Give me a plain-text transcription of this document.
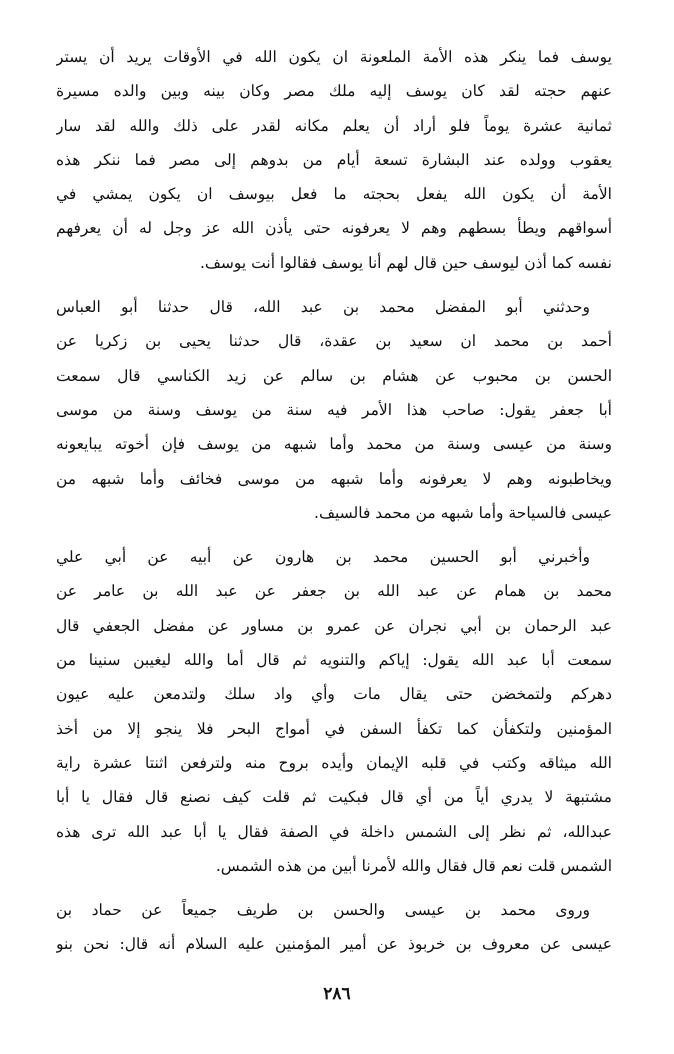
يوسف فما ينكر هذه الأمة الملعونة ان يكون الله في الأوقات يريد أن يستر
عنهم حجته لقد كان يوسف إليه ملك مصر وكان بينه وبين والده مسيرة
ثمانية عشرة يوماً فلو أراد أن يعلم مكانه لقدر على ذلك والله لقد سار
يعقوب وولده عند البشارة تسعة أيام من بدوهم إلى مصر فما ننكر هذه
الأمة أن يكون الله يفعل بحجته ما فعل بيوسف ان يكون يمشي في
أسواقهم ويطأ بسطهم وهم لا يعرفونه حتى يأذن الله عز وجل له أن يعرفهم
نفسه كما أذن ليوسف حين قال لهم أنا يوسف فقالوا أنت يوسف.
وحدثني أبو المفضل محمد بن عبد الله، قال حدثنا أبو العباس
أحمد بن محمد ان سعيد بن عقدة، قال حدثنا يحيى بن زكريا عن
الحسن بن محبوب عن هشام بن سالم عن زيد الكناسي قال سمعت
أبا جعفر يقول: صاحب هذا الأمر فيه سنة من يوسف وسنة من موسى
وسنة من عيسى وسنة من محمد وأما شبهه من يوسف فإن أخوته يبايعونه
ويخاطبونه وهم لا يعرفونه وأما شبهه من موسى فخائف وأما شبهه من
عيسى فالسياحة وأما شبهه من محمد فالسيف.
وأخبرني أبو الحسين محمد بن هارون عن أبيه عن أبي علي
محمد بن همام عن عبد الله بن جعفر عن عبد الله بن عامر عن
عبد الرحمان بن أبي نجران عن عمرو بن مساور عن مفضل الجعفي قال
سمعت أبا عبد الله يقول: إياكم والتنويه ثم قال أما والله ليغيبن سنينا من
دهركم ولتمخضن حتى يقال مات وأي واد سلك ولتدمعن عليه عيون
المؤمنين ولتكفأن كما تكفأ السفن في أمواج البحر فلا ينجو إلا من أخذ
الله ميثاقه وكتب في قلبه الإيمان وأيده بروح منه ولترفعن اثنتا عشرة راية
مشتبهة لا يدري أياً من أي قال فبكيت ثم قلت كيف نصنع قال فقال يا أبا
عبدالله، ثم نظر إلى الشمس داخلة في الصفة فقال يا أبا عبد الله ترى هذه
الشمس قلت نعم قال فقال والله لأمرنا أبين من هذه الشمس.
وروى محمد بن عيسى والحسن بن طريف جميعاً عن حماد بن
عيسى عن معروف بن خربوذ عن أمير المؤمنين عليه السلام أنه قال: نحن بنو
٢٨٦
